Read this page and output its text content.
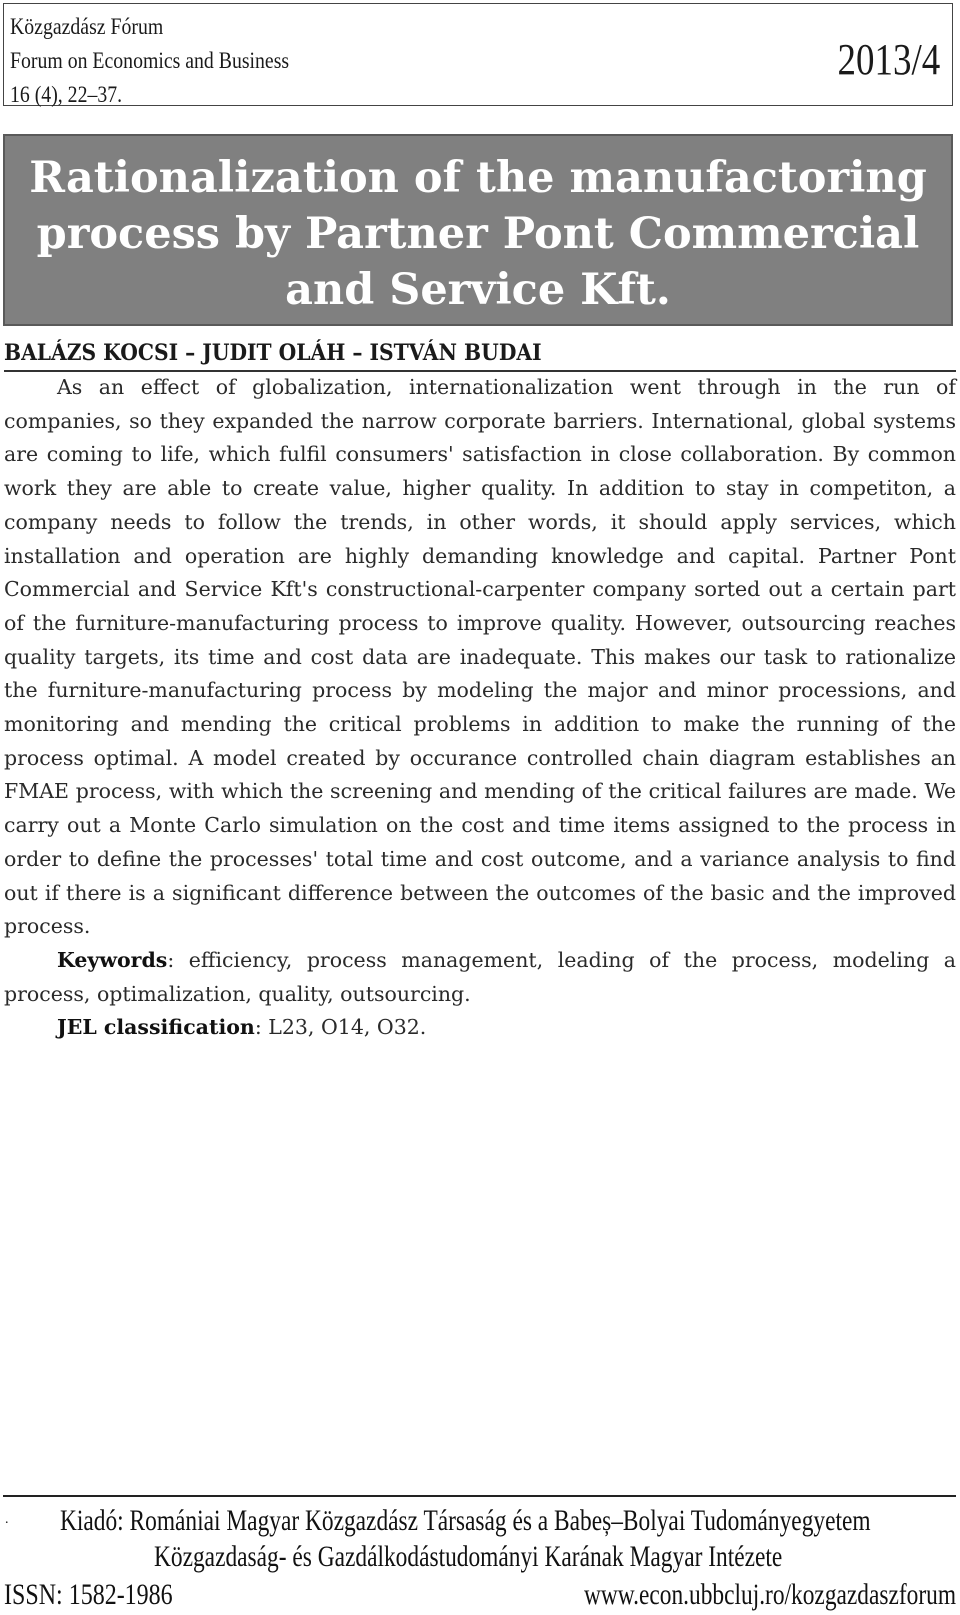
Közgazdász Fórum
Forum on Economics and Business
16 (4), 22–37.
2013/4
Rationalization of the manufactoring process by Partner Pont Commercial and Service Kft.
BALÁZS KOCSI – JUDIT OLÁH – ISTVÁN BUDAI

As an effect of globalization, internationalization went through in the run of companies, so they expanded the narrow corporate barriers. International, global systems are coming to life, which fulfil consumers' satisfaction in close collaboration. By common work they are able to create value, higher quality. In addition to stay in competiton, a company needs to follow the trends, in other words, it should apply services, which installation and operation are highly demanding knowledge and capital. Partner Pont Commercial and Service Kft's constructional-carpenter company sorted out a certain part of the furniture-manufacturing process to improve quality. However, outsourcing reaches quality targets, its time and cost data are inadequate. This makes our task to rationalize the furniture-manufacturing process by modeling the major and minor processions, and monitoring and mending the critical problems in addition to make the running of the process optimal. A model created by occurance controlled chain diagram establishes an FMAE process, with which the screening and mending of the critical failures are made. We carry out a Monte Carlo simulation on the cost and time items assigned to the process in order to define the processes' total time and cost outcome, and a variance analysis to find out if there is a significant difference between the outcomes of the basic and the improved process.

Keywords: efficiency, process management, leading of the process, modeling a process, optimalization, quality, outsourcing.

JEL classification: L23, O14, O32.

. Kiadó: Romániai Magyar Közgazdász Társaság és a Babeș–Bolyai Tudományegyetem
Közgazdaság- és Gazdálkodástudományi Karának Magyar Intézete
ISSN: 1582-1986	www.econ.ubbcluj.ro/kozgazdaszforum
